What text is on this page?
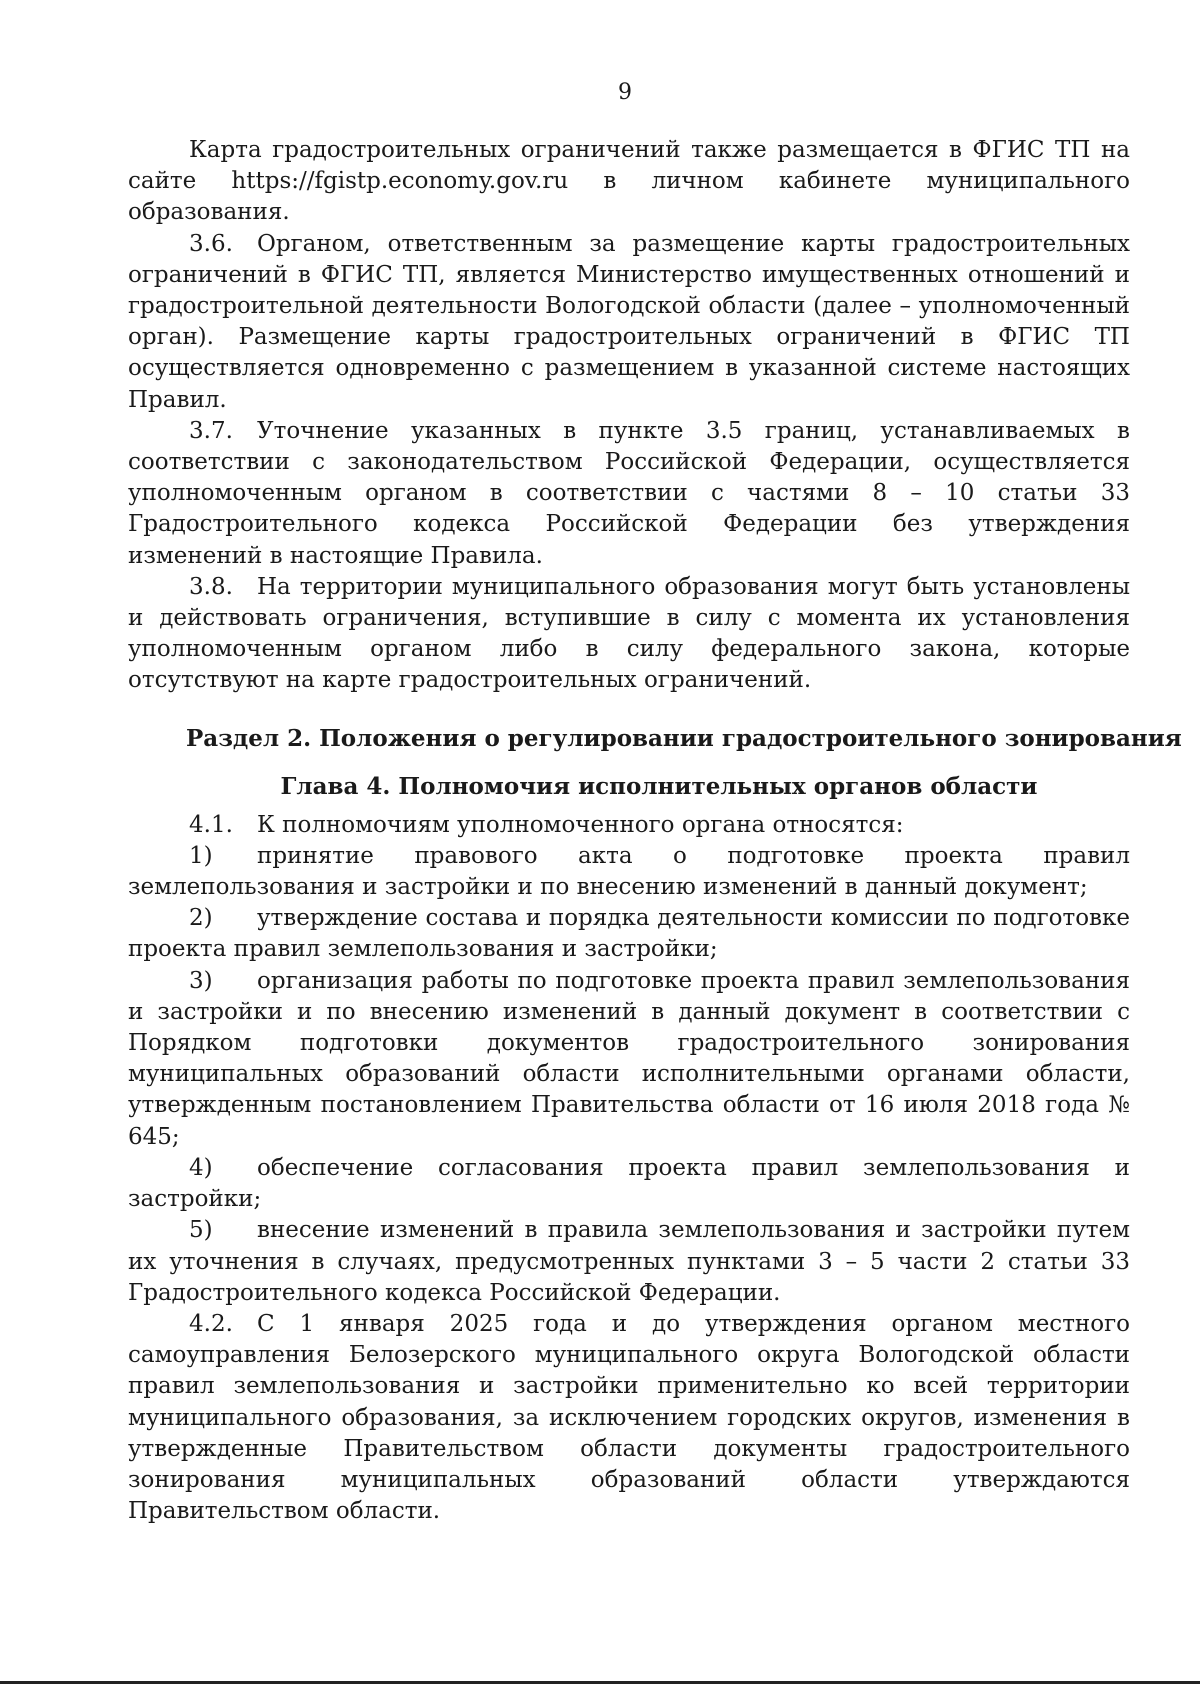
9

Карта градостроительных ограничений также размещается в ФГИС ТП на сайте https://fgistp.economy.gov.ru в личном кабинете муниципального образования.

3.6. Органом, ответственным за размещение карты градостроительных ограничений в ФГИС ТП, является Министерство имущественных отношений и градостроительной деятельности Вологодской области (далее – уполномоченный орган). Размещение карты градостроительных ограничений в ФГИС ТП осуществляется одновременно с размещением в указанной системе настоящих Правил.

3.7. Уточнение указанных в пункте 3.5 границ, устанавливаемых в соответствии с законодательством Российской Федерации, осуществляется уполномоченным органом в соответствии с частями 8 – 10 статьи 33 Градостроительного кодекса Российской Федерации без утверждения изменений в настоящие Правила.

3.8. На территории муниципального образования могут быть установлены и действовать ограничения, вступившие в силу с момента их установления уполномоченным органом либо в силу федерального закона, которые отсутствуют на карте градостроительных ограничений.

Раздел 2. Положения о регулировании градостроительного зонирования

Глава 4. Полномочия исполнительных органов области

4.1. К полномочиям уполномоченного органа относятся:

1) принятие правового акта о подготовке проекта правил землепользования и застройки и по внесению изменений в данный документ;

2) утверждение состава и порядка деятельности комиссии по подготовке проекта правил землепользования и застройки;

3) организация работы по подготовке проекта правил землепользования и застройки и по внесению изменений в данный документ в соответствии с Порядком подготовки документов градостроительного зонирования муниципальных образований области исполнительными органами области, утвержденным постановлением Правительства области от 16 июля 2018 года № 645;

4) обеспечение согласования проекта правил землепользования и застройки;

5) внесение изменений в правила землепользования и застройки путем их уточнения в случаях, предусмотренных пунктами 3 – 5 части 2 статьи 33 Градостроительного кодекса Российской Федерации.

4.2. С 1 января 2025 года и до утверждения органом местного самоуправления Белозерского муниципального округа Вологодской области правил землепользования и застройки применительно ко всей территории муниципального образования, за исключением городских округов, изменения в утвержденные Правительством области документы градостроительного зонирования муниципальных образований области утверждаются Правительством области.
